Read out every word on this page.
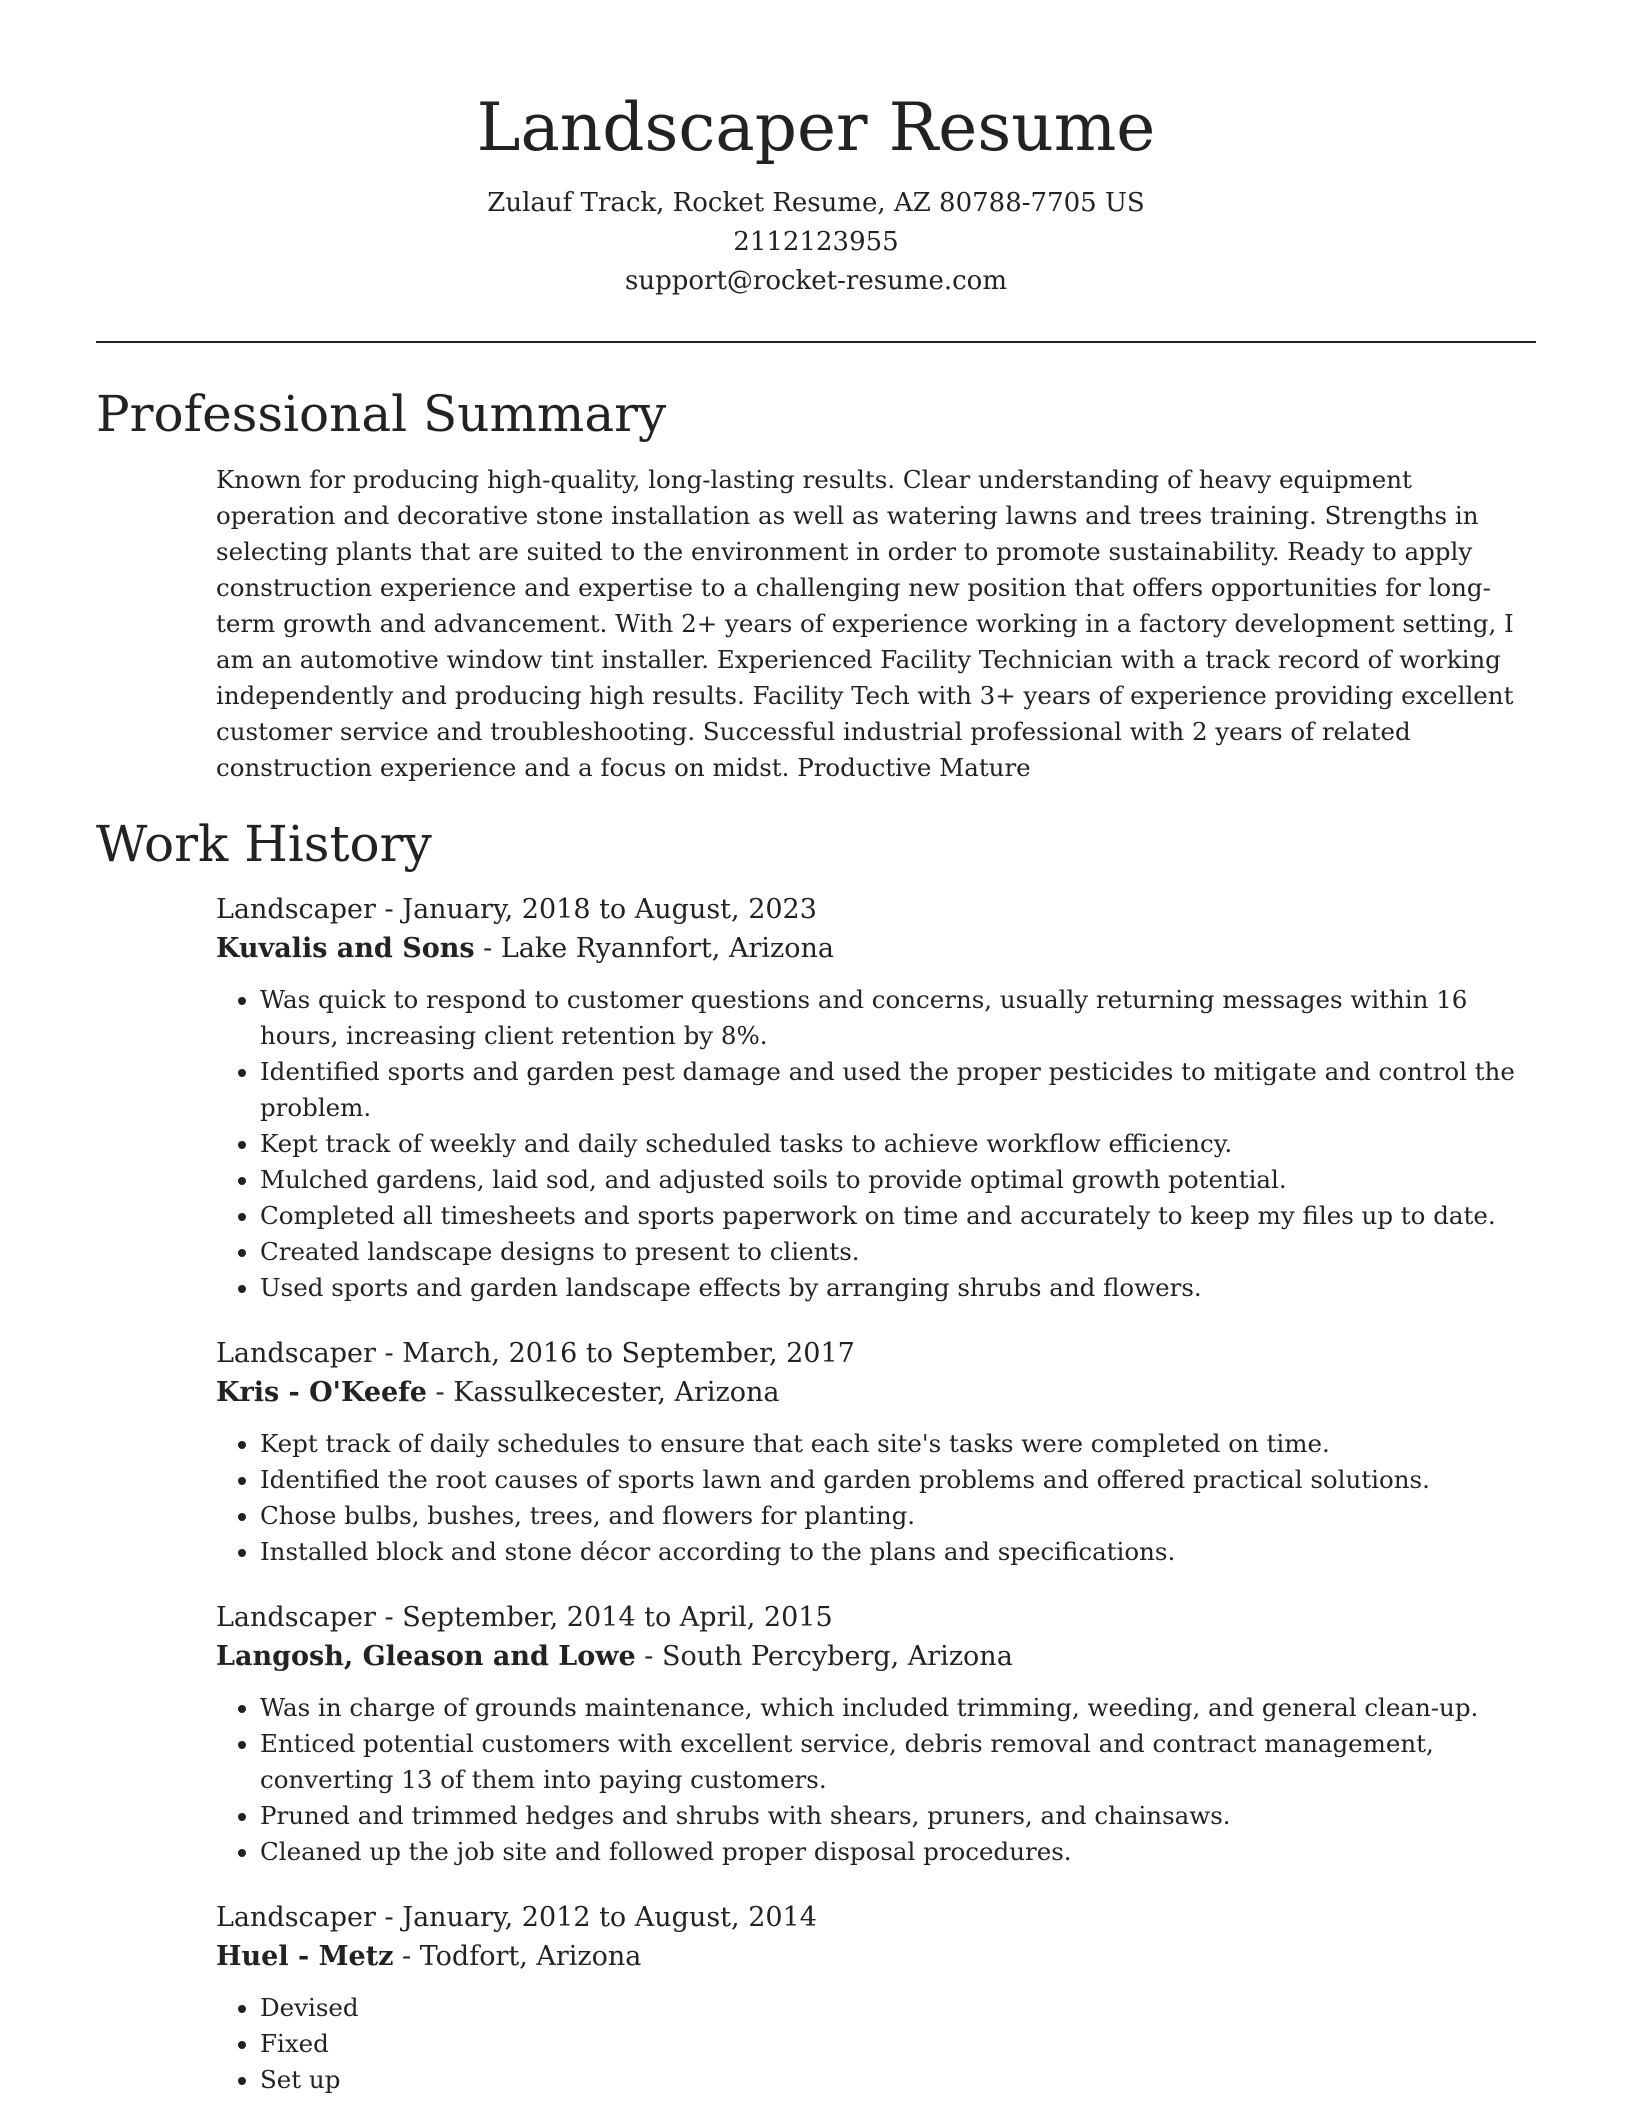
Landscaper Resume
Zulauf Track, Rocket Resume, AZ 80788-7705 US
2112123955
support@rocket-resume.com
Professional Summary

Known for producing high-quality, long-lasting results. Clear understanding of heavy equipment operation and decorative stone installation as well as watering lawns and trees training. Strengths in selecting plants that are suited to the environment in order to promote sustainability. Ready to apply construction experience and expertise to a challenging new position that offers opportunities for long-term growth and advancement. With 2+ years of experience working in a factory development setting, I am an automotive window tint installer. Experienced Facility Technician with a track record of working independently and producing high results. Facility Tech with 3+ years of experience providing excellent customer service and troubleshooting. Successful industrial professional with 2 years of related construction experience and a focus on midst. Productive Mature

Work History
Landscaper - January, 2018 to August, 2023
Kuvalis and Sons - Lake Ryannfort, Arizona
• Was quick to respond to customer questions and concerns, usually returning messages within 16 hours, increasing client retention by 8%.
• Identified sports and garden pest damage and used the proper pesticides to mitigate and control the problem.
• Kept track of weekly and daily scheduled tasks to achieve workflow efficiency.
• Mulched gardens, laid sod, and adjusted soils to provide optimal growth potential.
• Completed all timesheets and sports paperwork on time and accurately to keep my files up to date.
• Created landscape designs to present to clients.
• Used sports and garden landscape effects by arranging shrubs and flowers.
Landscaper - March, 2016 to September, 2017
Kris - O'Keefe - Kassulkecester, Arizona
• Kept track of daily schedules to ensure that each site's tasks were completed on time.
• Identified the root causes of sports lawn and garden problems and offered practical solutions.
• Chose bulbs, bushes, trees, and flowers for planting.
• Installed block and stone décor according to the plans and specifications.
Landscaper - September, 2014 to April, 2015
Langosh, Gleason and Lowe - South Percyberg, Arizona
• Was in charge of grounds maintenance, which included trimming, weeding, and general clean-up.
• Enticed potential customers with excellent service, debris removal and contract management, converting 13 of them into paying customers.
• Pruned and trimmed hedges and shrubs with shears, pruners, and chainsaws.
• Cleaned up the job site and followed proper disposal procedures.
Landscaper - January, 2012 to August, 2014
Huel - Metz - Todfort, Arizona
• Devised
• Fixed
• Set up
